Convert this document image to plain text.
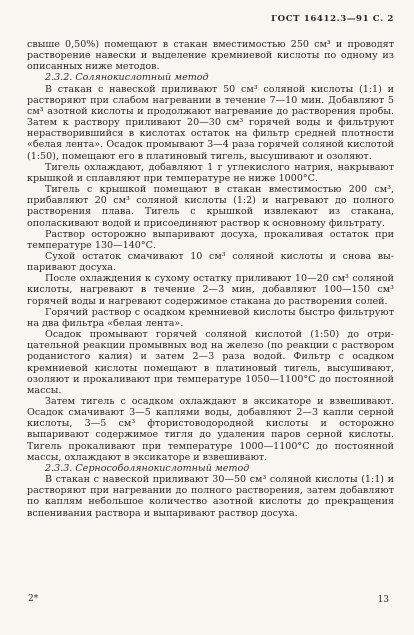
ГОСТ 16412.3—91 С. 2

свыше 0,50%) помещают в стакан вместимостью 250 см³ и проводят растворение навески и выделение кремниевой кислоты по одному из описанных ниже методов.

2.3.2. Солянокислотный метод

В стакан с навеской приливают 50 см³ соляной кислоты (1:1) и растворяют при слабом нагревании в течение 7—10 мин. Добавляют 5 см³ азотной кислоты и продолжают нагревание до растворения пробы. Затем к раствору приливают 20—30 см³ горячей воды и фильтруют нерастворившийся в кислотах остаток на фильтр средней плотности «белая лента». Осадок промывают 3—4 раза горячей соляной кислотой (1:50), помещают его в платиновый тигель, высушивают и озоляют.

Тигель охлаждают, добавляют 1 г углекислого натрия, накрывают крышкой и сплавляют при температуре не ниже 1000°С.

Тигель с крышкой помещают в стакан вместимостью 200 см³, прибавляют 20 см³ соляной кислоты (1:2) и нагревают до полного растворения плава. Тигель с крышкой извлекают из стакана, ополаскивают водой и присоединяют раствор к основному фильтрату.

Раствор осторожно выпаривают досуха, прокаливая остаток при температуре 130—140°С.

Сухой остаток смачивают 10 см³ соляной кислоты и снова выпаривают досуха.

После охлаждения к сухому остатку приливают 10—20 см³ соляной кислоты, нагревают в течение 2—3 мин, добавляют 100—150 см³ горячей воды и нагревают содержимое стакана до растворения солей.

Горячий раствор с осадком кремниевой кислоты быстро фильтруют на два фильтра «белая лента».

Осадок промывают горячей соляной кислотой (1:50) до отрицательной реакции промывных вод на железо (по реакции с раствором роданистого калия) и затем 2—3 раза водой. Фильтр с осадком кремниевой кислоты помещают в платиновый тигель, высушивают, озоляют и прокаливают при температуре 1050—1100°С до постоянной массы.

Затем тигель с осадком охлаждают в эксикаторе и взвешивают. Осадок смачивают 3—5 каплями воды, добавляют 2—3 капли серной кислоты, 3—5 см³ фтористоводородной кислоты и осторожно выпаривают содержимое тигля до удаления паров серной кислоты. Тигель прокаливают при температуре 1000—1100°С до постоянной массы, охлаждают в эксикаторе и взвешивают.

2.3.3. Сернособолянокислотный метод

В стакан с навеской приливают 30—50 см³ соляной кислоты (1:1) и растворяют при нагревании до полного растворения, затем добавляют по каплям небольшое количество азотной кислоты до прекращения вспенивания раствора и выпаривают раствор досуха.

2*	13
